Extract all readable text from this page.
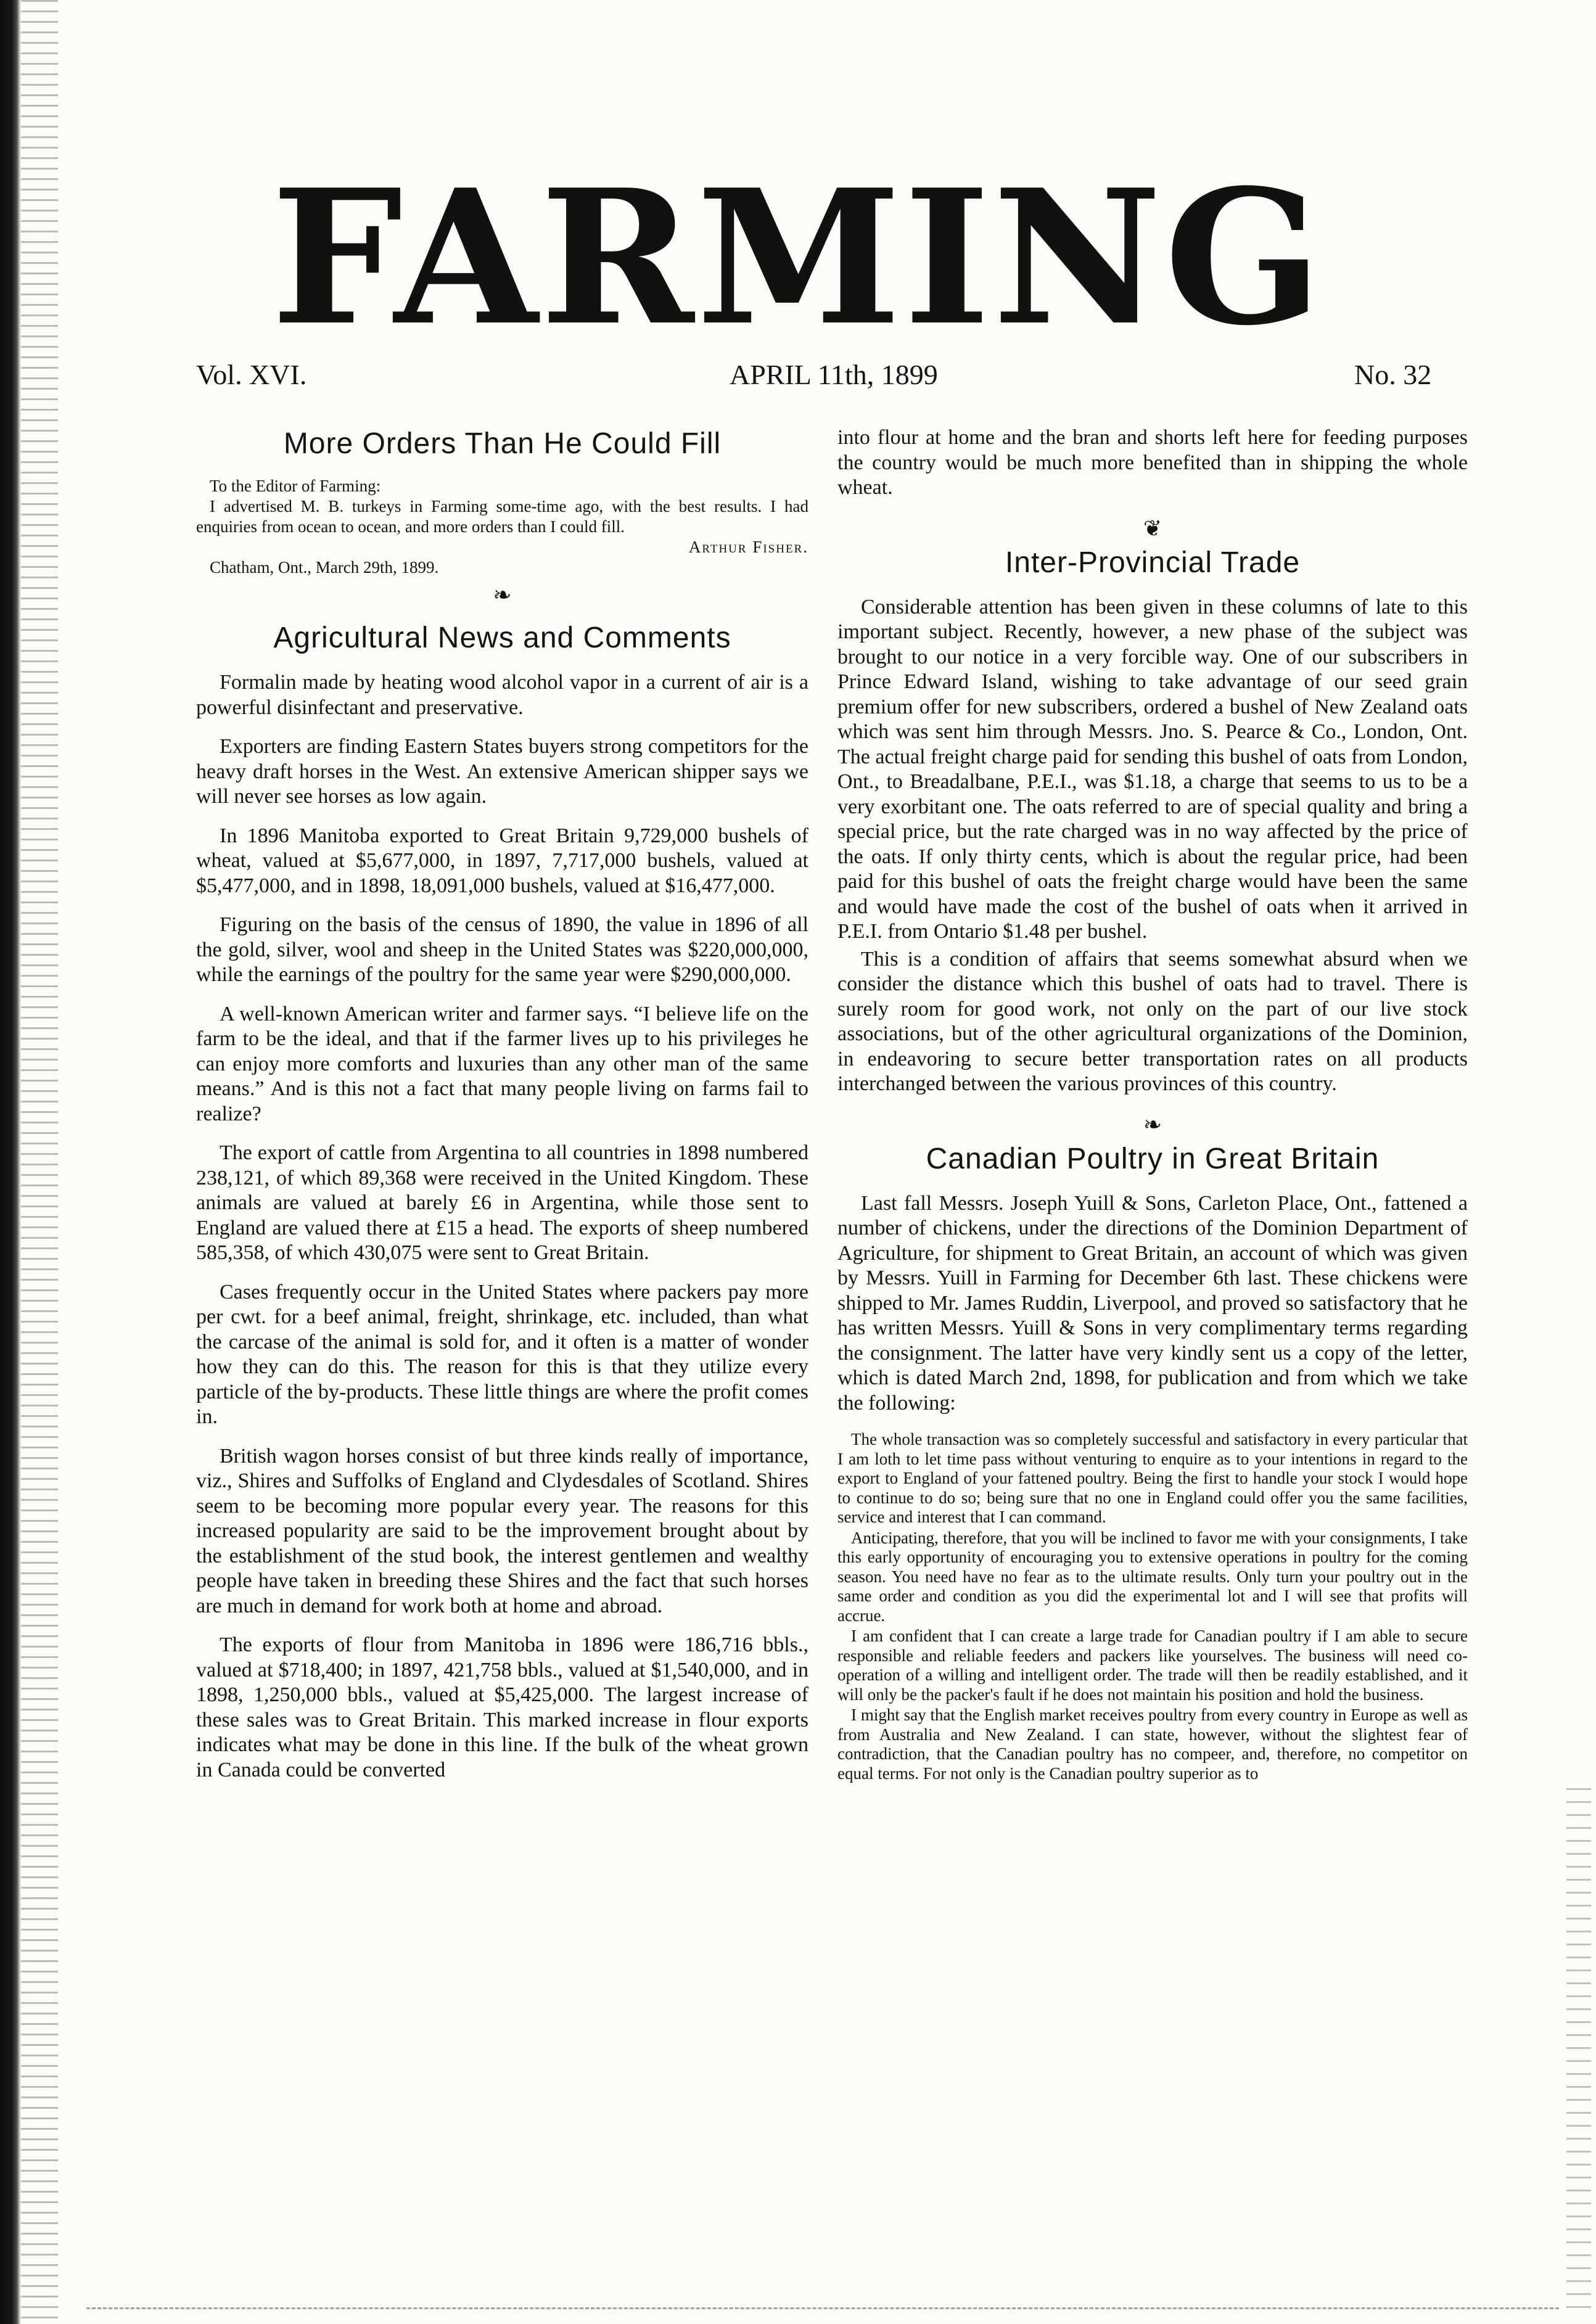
FARMING
Vol. XVI.	APRIL 11th, 1899	No. 32
More Orders Than He Could Fill

To the Editor of Farming:

I advertised M. B. turkeys in Farming some-time ago, with the best results. I had enquiries from ocean to ocean, and more orders than I could fill.

Arthur Fisher.
Chatham, Ont., March 29th, 1899.
❧
Agricultural News and Comments

Formalin made by heating wood alcohol vapor in a current of air is a powerful disinfectant and preservative.

Exporters are finding Eastern States buyers strong competitors for the heavy draft horses in the West. An extensive American shipper says we will never see horses as low again.

In 1896 Manitoba exported to Great Britain 9,729,000 bushels of wheat, valued at $5,677,000, in 1897, 7,717,000 bushels, valued at $5,477,000, and in 1898, 18,091,000 bushels, valued at $16,477,000.

Figuring on the basis of the census of 1890, the value in 1896 of all the gold, silver, wool and sheep in the United States was $220,000,000, while the earnings of the poultry for the same year were $290,000,000.

A well-known American writer and farmer says. “I believe life on the farm to be the ideal, and that if the farmer lives up to his privileges he can enjoy more comforts and luxuries than any other man of the same means.” And is this not a fact that many people living on farms fail to realize?

The export of cattle from Argentina to all countries in 1898 numbered 238,121, of which 89,368 were received in the United Kingdom. These animals are valued at barely £6 in Argentina, while those sent to England are valued there at £15 a head. The exports of sheep numbered 585,358, of which 430,075 were sent to Great Britain.

Cases frequently occur in the United States where packers pay more per cwt. for a beef animal, freight, shrinkage, etc. included, than what the carcase of the animal is sold for, and it often is a matter of wonder how they can do this. The reason for this is that they utilize every particle of the by-products. These little things are where the profit comes in.

British wagon horses consist of but three kinds really of importance, viz., Shires and Suffolks of England and Clydesdales of Scotland. Shires seem to be becoming more popular every year. The reasons for this increased popularity are said to be the improvement brought about by the establishment of the stud book, the interest gentlemen and wealthy people have taken in breeding these Shires and the fact that such horses are much in demand for work both at home and abroad.

The exports of flour from Manitoba in 1896 were 186,716 bbls., valued at $718,400; in 1897, 421,758 bbls., valued at $1,540,000, and in 1898, 1,250,000 bbls., valued at $5,425,000. The largest increase of these sales was to Great Britain. This marked increase in flour exports indicates what may be done in this line. If the bulk of the wheat grown in Canada could be converted

into flour at home and the bran and shorts left here for feeding purposes the country would be much more benefited than in shipping the whole wheat.

❦
Inter-Provincial Trade

Considerable attention has been given in these columns of late to this important subject. Recently, however, a new phase of the subject was brought to our notice in a very forcible way. One of our subscribers in Prince Edward Island, wishing to take advantage of our seed grain premium offer for new subscribers, ordered a bushel of New Zealand oats which was sent him through Messrs. Jno. S. Pearce & Co., London, Ont. The actual freight charge paid for sending this bushel of oats from London, Ont., to Breadalbane, P.E.I., was $1.18, a charge that seems to us to be a very exorbitant one. The oats referred to are of special quality and bring a special price, but the rate charged was in no way affected by the price of the oats. If only thirty cents, which is about the regular price, had been paid for this bushel of oats the freight charge would have been the same and would have made the cost of the bushel of oats when it arrived in P.E.I. from Ontario $1.48 per bushel.

This is a condition of affairs that seems somewhat absurd when we consider the distance which this bushel of oats had to travel. There is surely room for good work, not only on the part of our live stock associations, but of the other agricultural organizations of the Dominion, in endeavoring to secure better transportation rates on all products interchanged between the various provinces of this country.

❧
Canadian Poultry in Great Britain

Last fall Messrs. Joseph Yuill & Sons, Carleton Place, Ont., fattened a number of chickens, under the directions of the Dominion Department of Agriculture, for shipment to Great Britain, an account of which was given by Messrs. Yuill in Farming for December 6th last. These chickens were shipped to Mr. James Ruddin, Liverpool, and proved so satisfactory that he has written Messrs. Yuill & Sons in very complimentary terms regarding the consignment. The latter have very kindly sent us a copy of the letter, which is dated March 2nd, 1898, for publication and from which we take the following:

The whole transaction was so completely successful and satisfactory in every particular that I am loth to let time pass without venturing to enquire as to your intentions in regard to the export to England of your fattened poultry. Being the first to handle your stock I would hope to continue to do so; being sure that no one in England could offer you the same facilities, service and interest that I can command.

Anticipating, therefore, that you will be inclined to favor me with your consignments, I take this early opportunity of encouraging you to extensive operations in poultry for the coming season. You need have no fear as to the ultimate results. Only turn your poultry out in the same order and condition as you did the experimental lot and I will see that profits will accrue.

I am confident that I can create a large trade for Canadian poultry if I am able to secure responsible and reliable feeders and packers like yourselves. The business will need co-operation of a willing and intelligent order. The trade will then be readily established, and it will only be the packer's fault if he does not maintain his position and hold the business.

I might say that the English market receives poultry from every country in Europe as well as from Australia and New Zealand. I can state, however, without the slightest fear of contradiction, that the Canadian poultry has no compeer, and, therefore, no competitor on equal terms. For not only is the Canadian poultry superior as to
